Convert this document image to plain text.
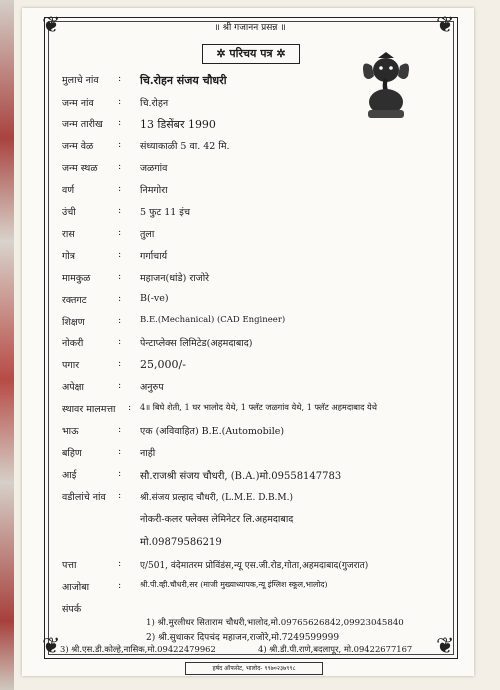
❦	❦
❦	❦
॥ श्री गजानन प्रसन्न ॥
✲ परिचय पत्र ✲
मुलाचे नांव	: चि.रोहन संजय चौधरी
जन्म नांव	: चि.रोहन
जन्म तारीख	: 13 डिसेंबर 1990
जन्म वेळ	: संध्याकाळी 5 वा. 42 मि.
जन्म स्थळ	: जळगांव
वर्ण	: निमगोरा
उंची	: 5 फुट 11 इंच
रास	: तुला
गोत्र	: गर्गाचार्य
मामकुळ	: महाजन(धांडे) राजोरे
रक्तगट	: B(-ve)
शिक्षण	: B.E.(Mechanical) (CAD Engineer)
नोकरी	: पेन्टाप्लेक्स लिमिटेड(अहमदाबाद)
पगार	: 25,000/-
अपेक्षा	: अनुरुप
स्थावर मालमत्ता	: 4॥ बिघे शेती, 1 घर भालोद येथे, 1 फ्लॅट जळगांव येथे, 1 फ्लॅट अहमदाबाद येथे
भाऊ	: एक (अविवाहित) B.E.(Automobile)
बहिण	: नाही
आई	: सौ.राजश्री संजय चौधरी, (B.A.)मो.09558147783
वडीलांचे नांव	: श्री.संजय प्रल्हाद चौधरी, (L.M.E. D.B.M.)
नोकरी-कलर फ्लेक्स लेमिनेटर लि.अहमदाबाद
मो.09879586219
पत्ता	: ए/501, वंदेमातरम प्रोविंडंस,न्यू एस.जी.रोड,गोता,अहमदाबाद(गुजरात)
आजोबा	: श्री.पी.व्ही.चौधरी,सर (माजी मुख्याध्यापक,न्यू इंग्लिश स्कूल,भालोद)
संपर्क
1) श्री.मुरलीधर सिताराम चौधरी,भालोद,मो.09765626842,09923045840
2) श्री.सुधाकर दिपचंद महाजन,राजोरे,मो.7249599999
3) श्री.एस.डी.कोल्हे,नासिक,मो.09422479962	4) श्री.डी.पी.राणे,बदलापूर, मो.09422677167
हर्षद ऑफसेट, भालोद- ९९७०२३७९९८
